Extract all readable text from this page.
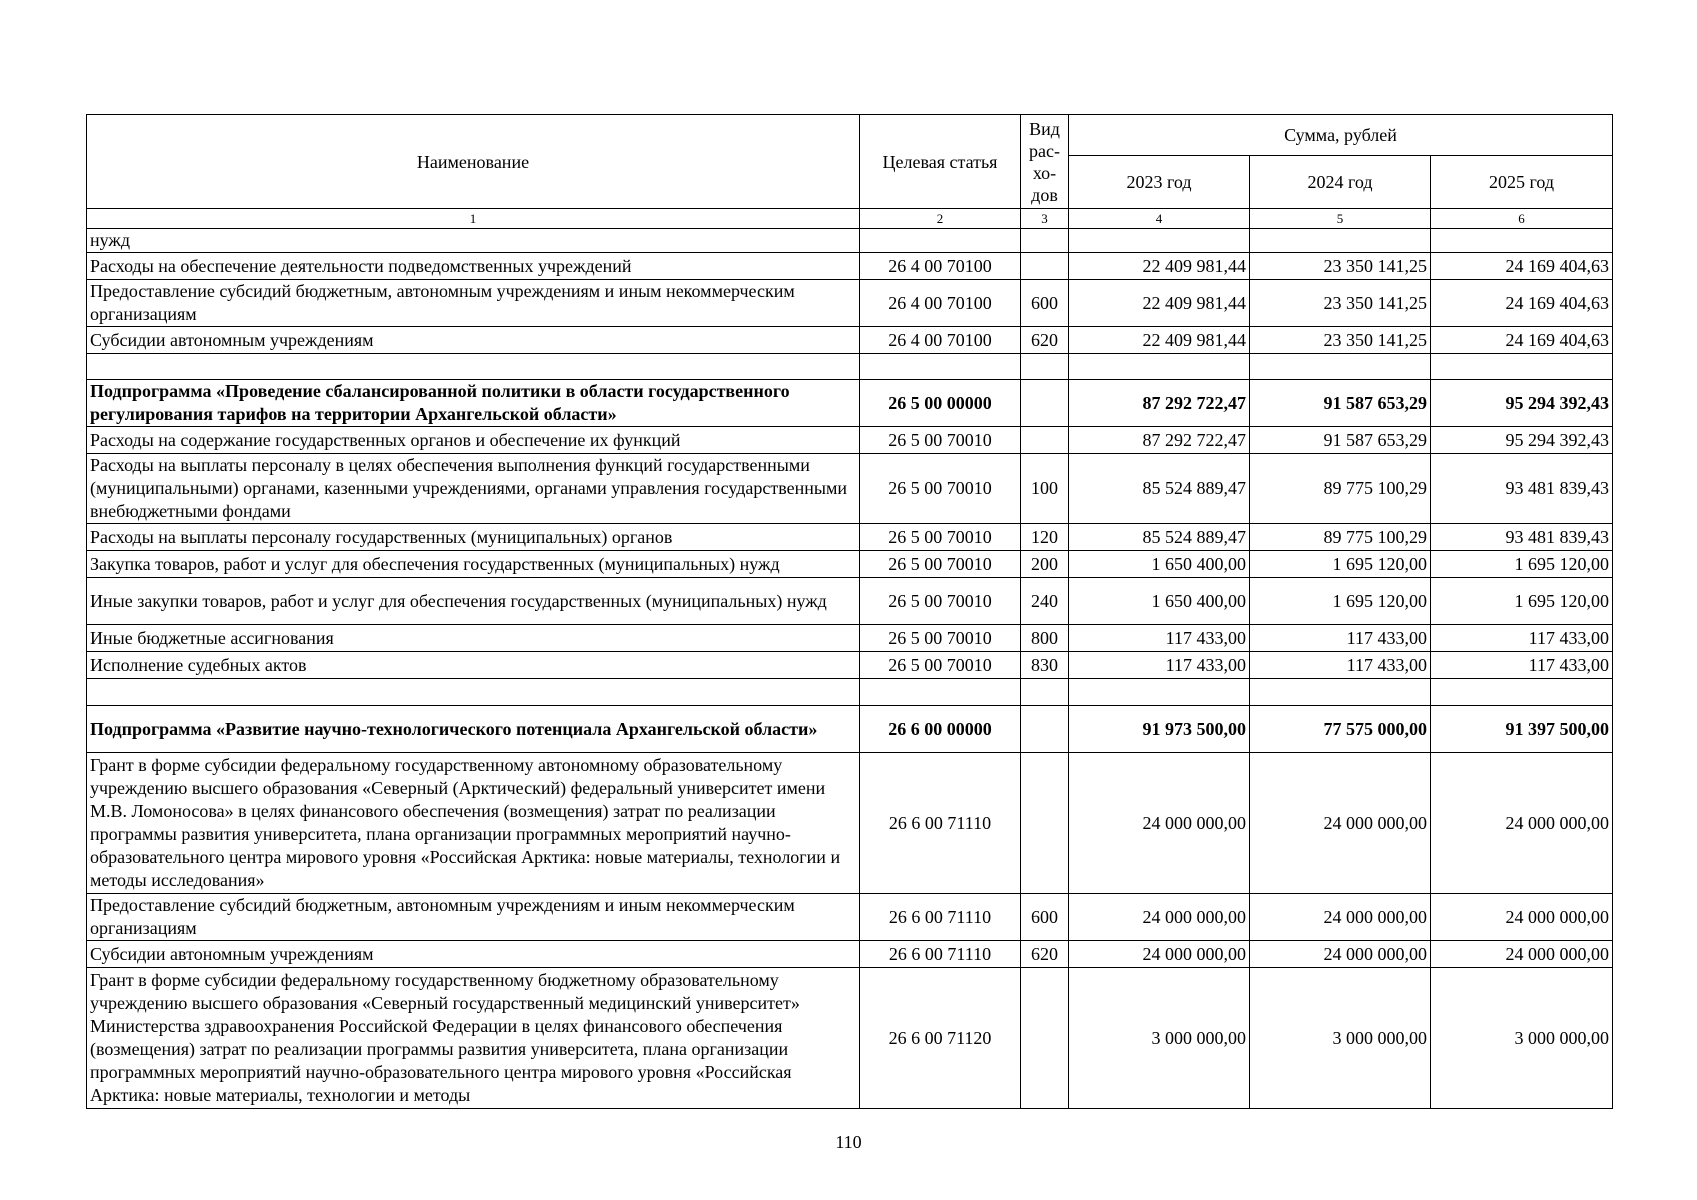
Наименование	Целевая статья	Вид рас-хо-дов	Сумма, рублей		
			2023 год	2024 год	2025 год
1	2	3	4	5	6
нужд					
Расходы на обеспечение деятельности подведомственных учреждений	26 4 00 70100		22 409 981,44	23 350 141,25	24 169 404,63
Предоставление субсидий бюджетным, автономным учреждениям и иным некоммерческим организациям	26 4 00 70100	600	22 409 981,44	23 350 141,25	24 169 404,63
Субсидии автономным учреждениям	26 4 00 70100	620	22 409 981,44	23 350 141,25	24 169 404,63

Подпрограмма «Проведение сбалансированной политики в области государственного регулирования тарифов на территории Архангельской области»	26 5 00 00000		87 292 722,47	91 587 653,29	95 294 392,43
Расходы на содержание государственных органов и обеспечение их функций	26 5 00 70010		87 292 722,47	91 587 653,29	95 294 392,43
Расходы на выплаты персоналу в целях обеспечения выполнения функций государственными (муниципальными) органами, казенными учреждениями, органами управления государственными внебюджетными фондами	26 5 00 70010	100	85 524 889,47	89 775 100,29	93 481 839,43
Расходы на выплаты персоналу государственных (муниципальных) органов	26 5 00 70010	120	85 524 889,47	89 775 100,29	93 481 839,43
Закупка товаров, работ и услуг для обеспечения государственных (муниципальных) нужд	26 5 00 70010	200	1 650 400,00	1 695 120,00	1 695 120,00
Иные закупки товаров, работ и услуг для обеспечения государственных (муниципальных) нужд	26 5 00 70010	240	1 650 400,00	1 695 120,00	1 695 120,00
Иные бюджетные ассигнования	26 5 00 70010	800	117 433,00	117 433,00	117 433,00
Исполнение судебных актов	26 5 00 70010	830	117 433,00	117 433,00	117 433,00

Подпрограмма «Развитие научно-технологического потенциала Архангельской области»	26 6 00 00000		91 973 500,00	77 575 000,00	91 397 500,00
Грант в форме субсидии федеральному государственному автономному образовательному учреждению высшего образования «Северный (Арктический) федеральный университет имени М.В. Ломоносова» в целях финансового обеспечения (возмещения) затрат по реализации программы развития университета, плана организации программных мероприятий научно-образовательного центра мирового уровня «Российская Арктика: новые материалы, технологии и методы исследования»	26 6 00 71110		24 000 000,00	24 000 000,00	24 000 000,00
Предоставление субсидий бюджетным, автономным учреждениям и иным некоммерческим организациям	26 6 00 71110	600	24 000 000,00	24 000 000,00	24 000 000,00
Субсидии автономным учреждениям	26 6 00 71110	620	24 000 000,00	24 000 000,00	24 000 000,00
Грант в форме субсидии федеральному государственному бюджетному образовательному учреждению высшего образования «Северный государственный медицинский университет» Министерства здравоохранения Российской Федерации в целях финансового обеспечения (возмещения) затрат по реализации программы развития университета, плана организации программных мероприятий научно-образовательного центра мирового уровня «Российская Арктика: новые материалы, технологии и методы	26 6 00 71120		3 000 000,00	3 000 000,00	3 000 000,00
110
